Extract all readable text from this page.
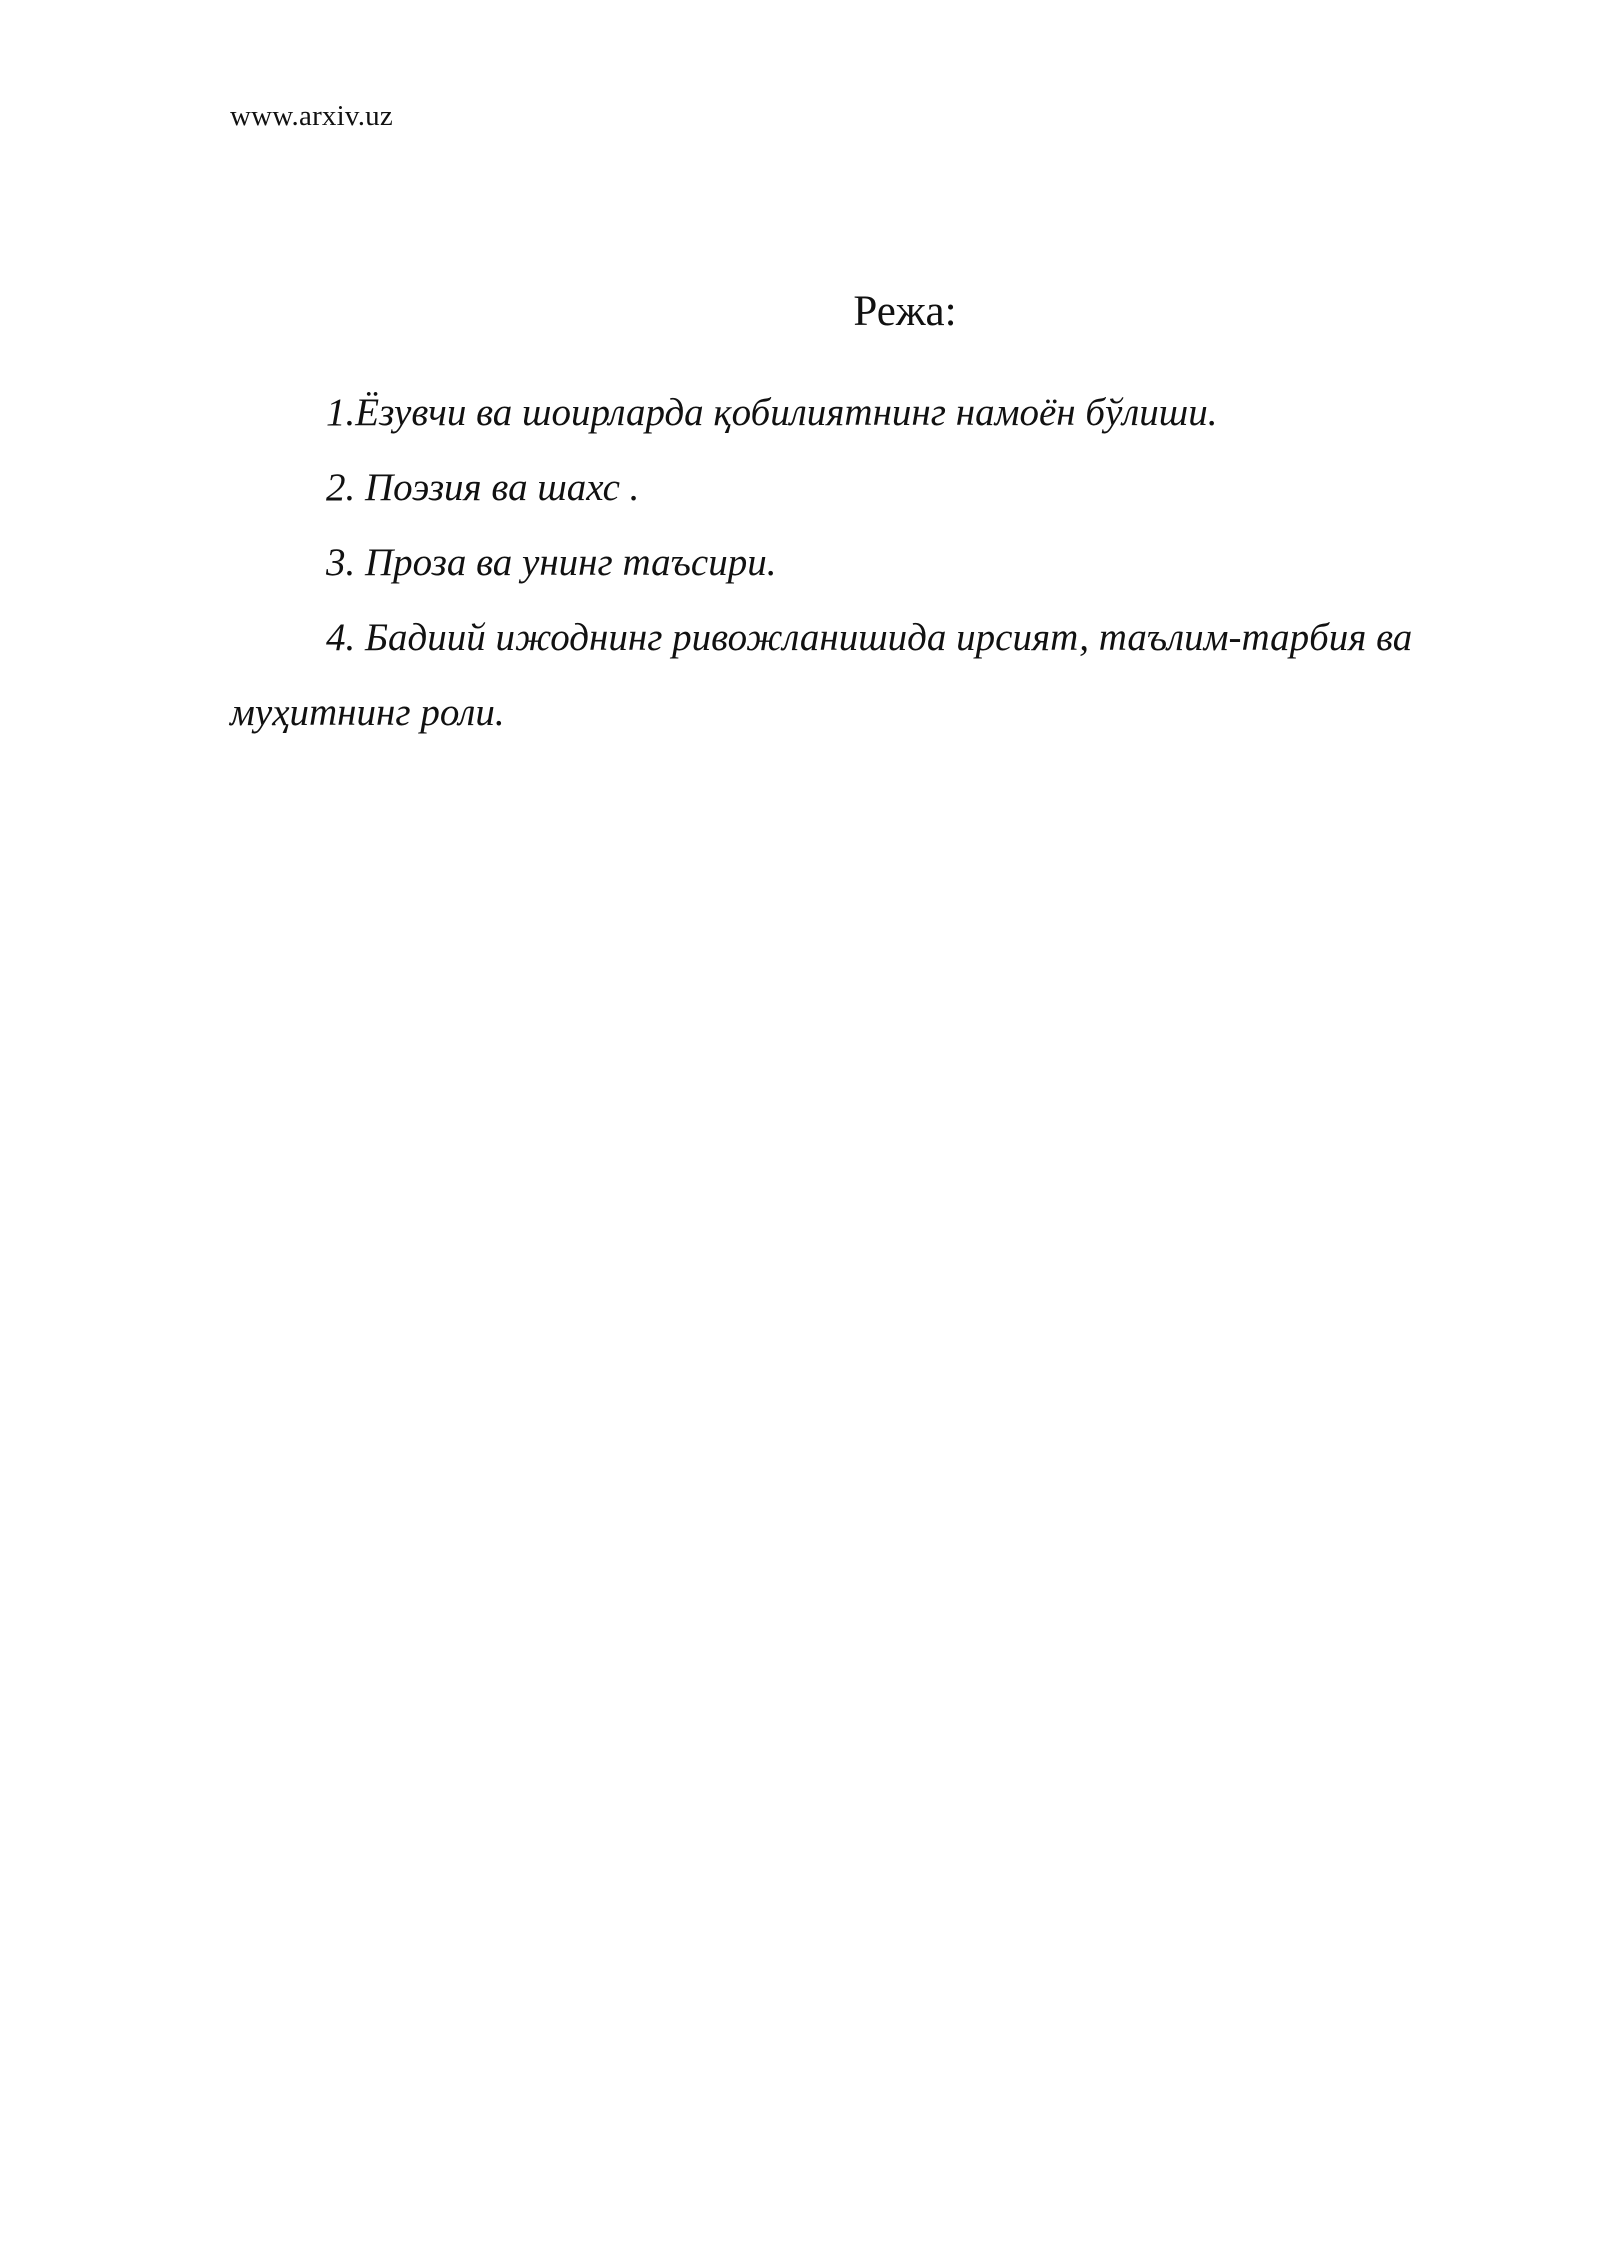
www.arxiv.uz
Режа:
1.Ёзувчи ва шоирларда қобилиятнинг намоён бўлиши.
2. Поэзия ва шахс .
3. Проза ва унинг таъсири.
4. Бадиий ижоднинг ривожланишида ирсият, таълим-тарбия ва муҳитнинг роли.
